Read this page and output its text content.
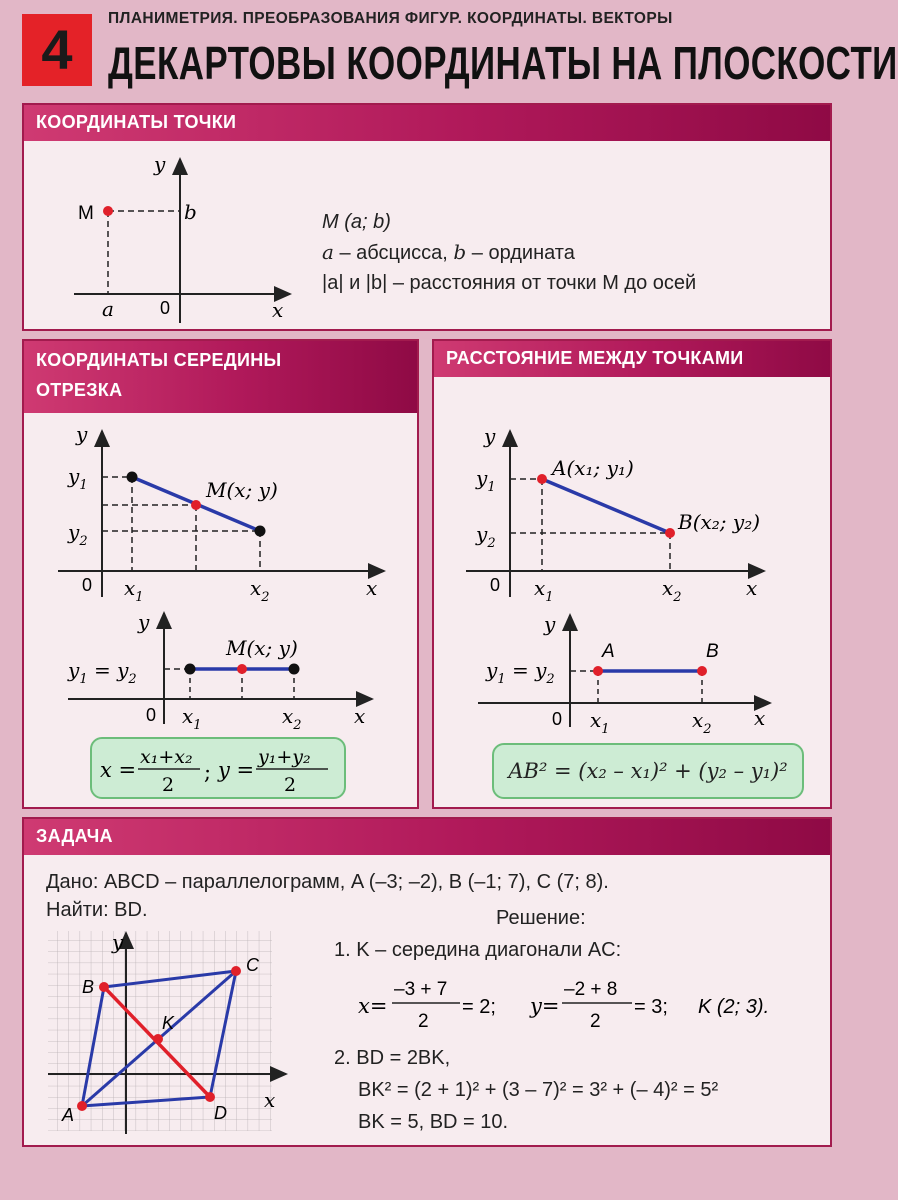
4	ПЛАНИМЕТРИЯ. ПРЕОБРАЗОВАНИЯ ФИГУР. КООРДИНАТЫ. ВЕКТОРЫ
ДЕКАРТОВЫ КООРДИНАТЫ НА ПЛОСКОСТИ
КООРДИНАТЫ ТОЧКИ
y
x
0
M	b
a
M (a; b)
a – абсцисса, b – ордината
|a| и |b| – расстояния от точки M до осей
КООРДИНАТЫ СЕРЕДИНЫ
ОТРЕЗКА
y
x
0
$y_1$
$y_2$
$x_1$	$x_2$
M(x; y)
y
x
0
$y_1 = y_2$
$x_1$	$x_2$
M(x; y)
x =
x₁+x₂
2
; y =
y₁+y₂
2
РАССТОЯНИЕ МЕЖДУ ТОЧКАМИ
y
x
0
$y_1$
$y_2$
$x_1$	$x_2$
A(x₁; y₁)
B(x₂; y₂)
y
x
0
$y_1 = y_2$
$x_1$	$x_2$
A	B
AB² = (x₂ – x₁)² + (y₂ – y₁)²
ЗАДАЧА
Дано: ABCD – параллелограмм, A (–3; –2), B (–1; 7), C (7; 8).
Найти: BD.
y
x
A
B
C
D
K
Решение:
1. K – середина диагонали AC:
x=
–3 + 7
2
= 2; y=
–2 + 8
2
= 3; K (2; 3).
2. BD = 2BK,
BK² = (2 + 1)² + (3 – 7)² = 3² + (– 4)² = 5²
BK = 5, BD = 10.
